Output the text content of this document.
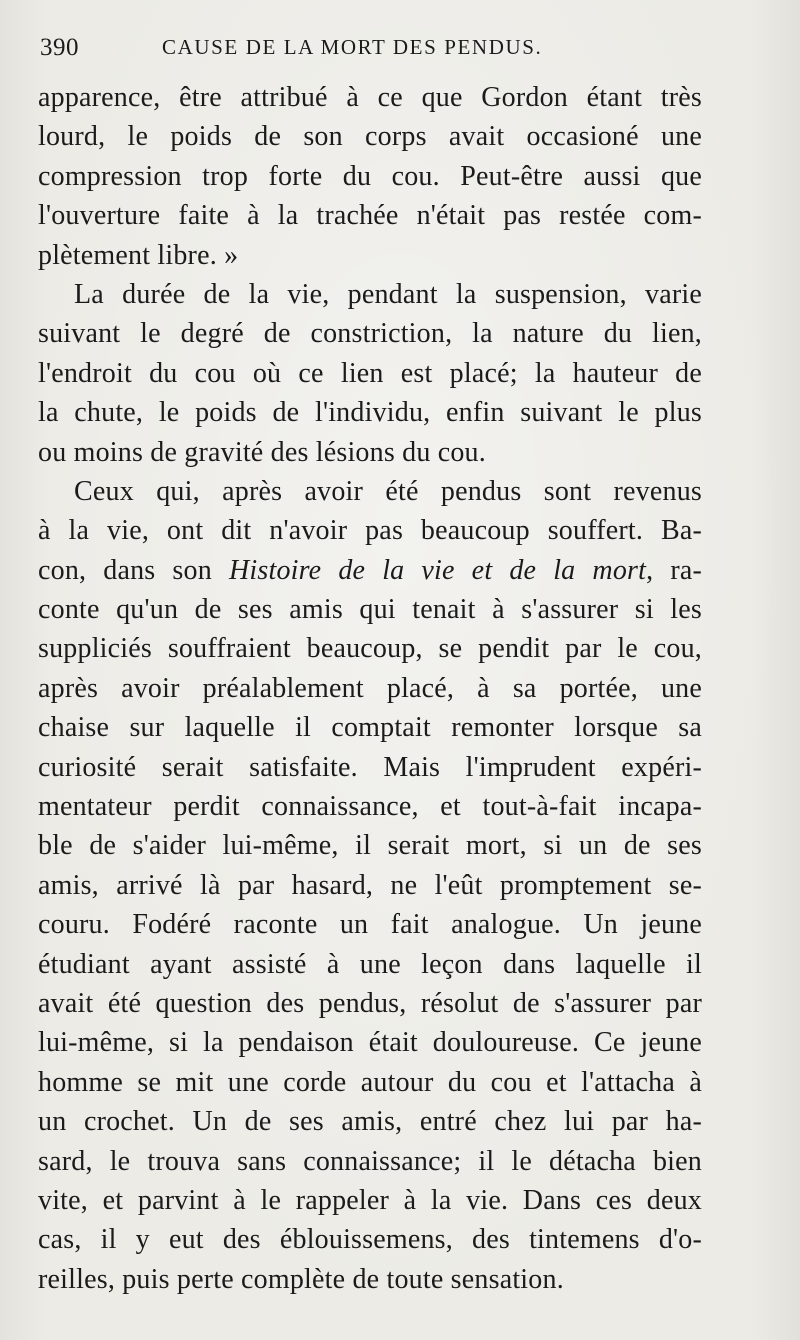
390	CAUSE DE LA MORT DES PENDUS.
apparence, être attribué à ce que Gordon étant très
lourd, le poids de son corps avait occasioné une
compression trop forte du cou. Peut-être aussi que
l'ouverture faite à la trachée n'était pas restée com-
plètement libre. »
La durée de la vie, pendant la suspension, varie
suivant le degré de constriction, la nature du lien,
l'endroit du cou où ce lien est placé; la hauteur de
la chute, le poids de l'individu, enfin suivant le plus
ou moins de gravité des lésions du cou.
Ceux qui, après avoir été pendus sont revenus
à la vie, ont dit n'avoir pas beaucoup souffert. Ba-
con, dans son Histoire de la vie et de la mort, ra-
conte qu'un de ses amis qui tenait à s'assurer si les
suppliciés souffraient beaucoup, se pendit par le cou,
après avoir préalablement placé, à sa portée, une
chaise sur laquelle il comptait remonter lorsque sa
curiosité serait satisfaite. Mais l'imprudent expéri-
mentateur perdit connaissance, et tout-à-fait incapa-
ble de s'aider lui-même, il serait mort, si un de ses
amis, arrivé là par hasard, ne l'eût promptement se-
couru. Fodéré raconte un fait analogue. Un jeune
étudiant ayant assisté à une leçon dans laquelle il
avait été question des pendus, résolut de s'assurer par
lui-même, si la pendaison était douloureuse. Ce jeune
homme se mit une corde autour du cou et l'attacha à
un crochet. Un de ses amis, entré chez lui par ha-
sard, le trouva sans connaissance; il le détacha bien
vite, et parvint à le rappeler à la vie. Dans ces deux
cas, il y eut des éblouissemens, des tintemens d'o-
reilles, puis perte complète de toute sensation.
